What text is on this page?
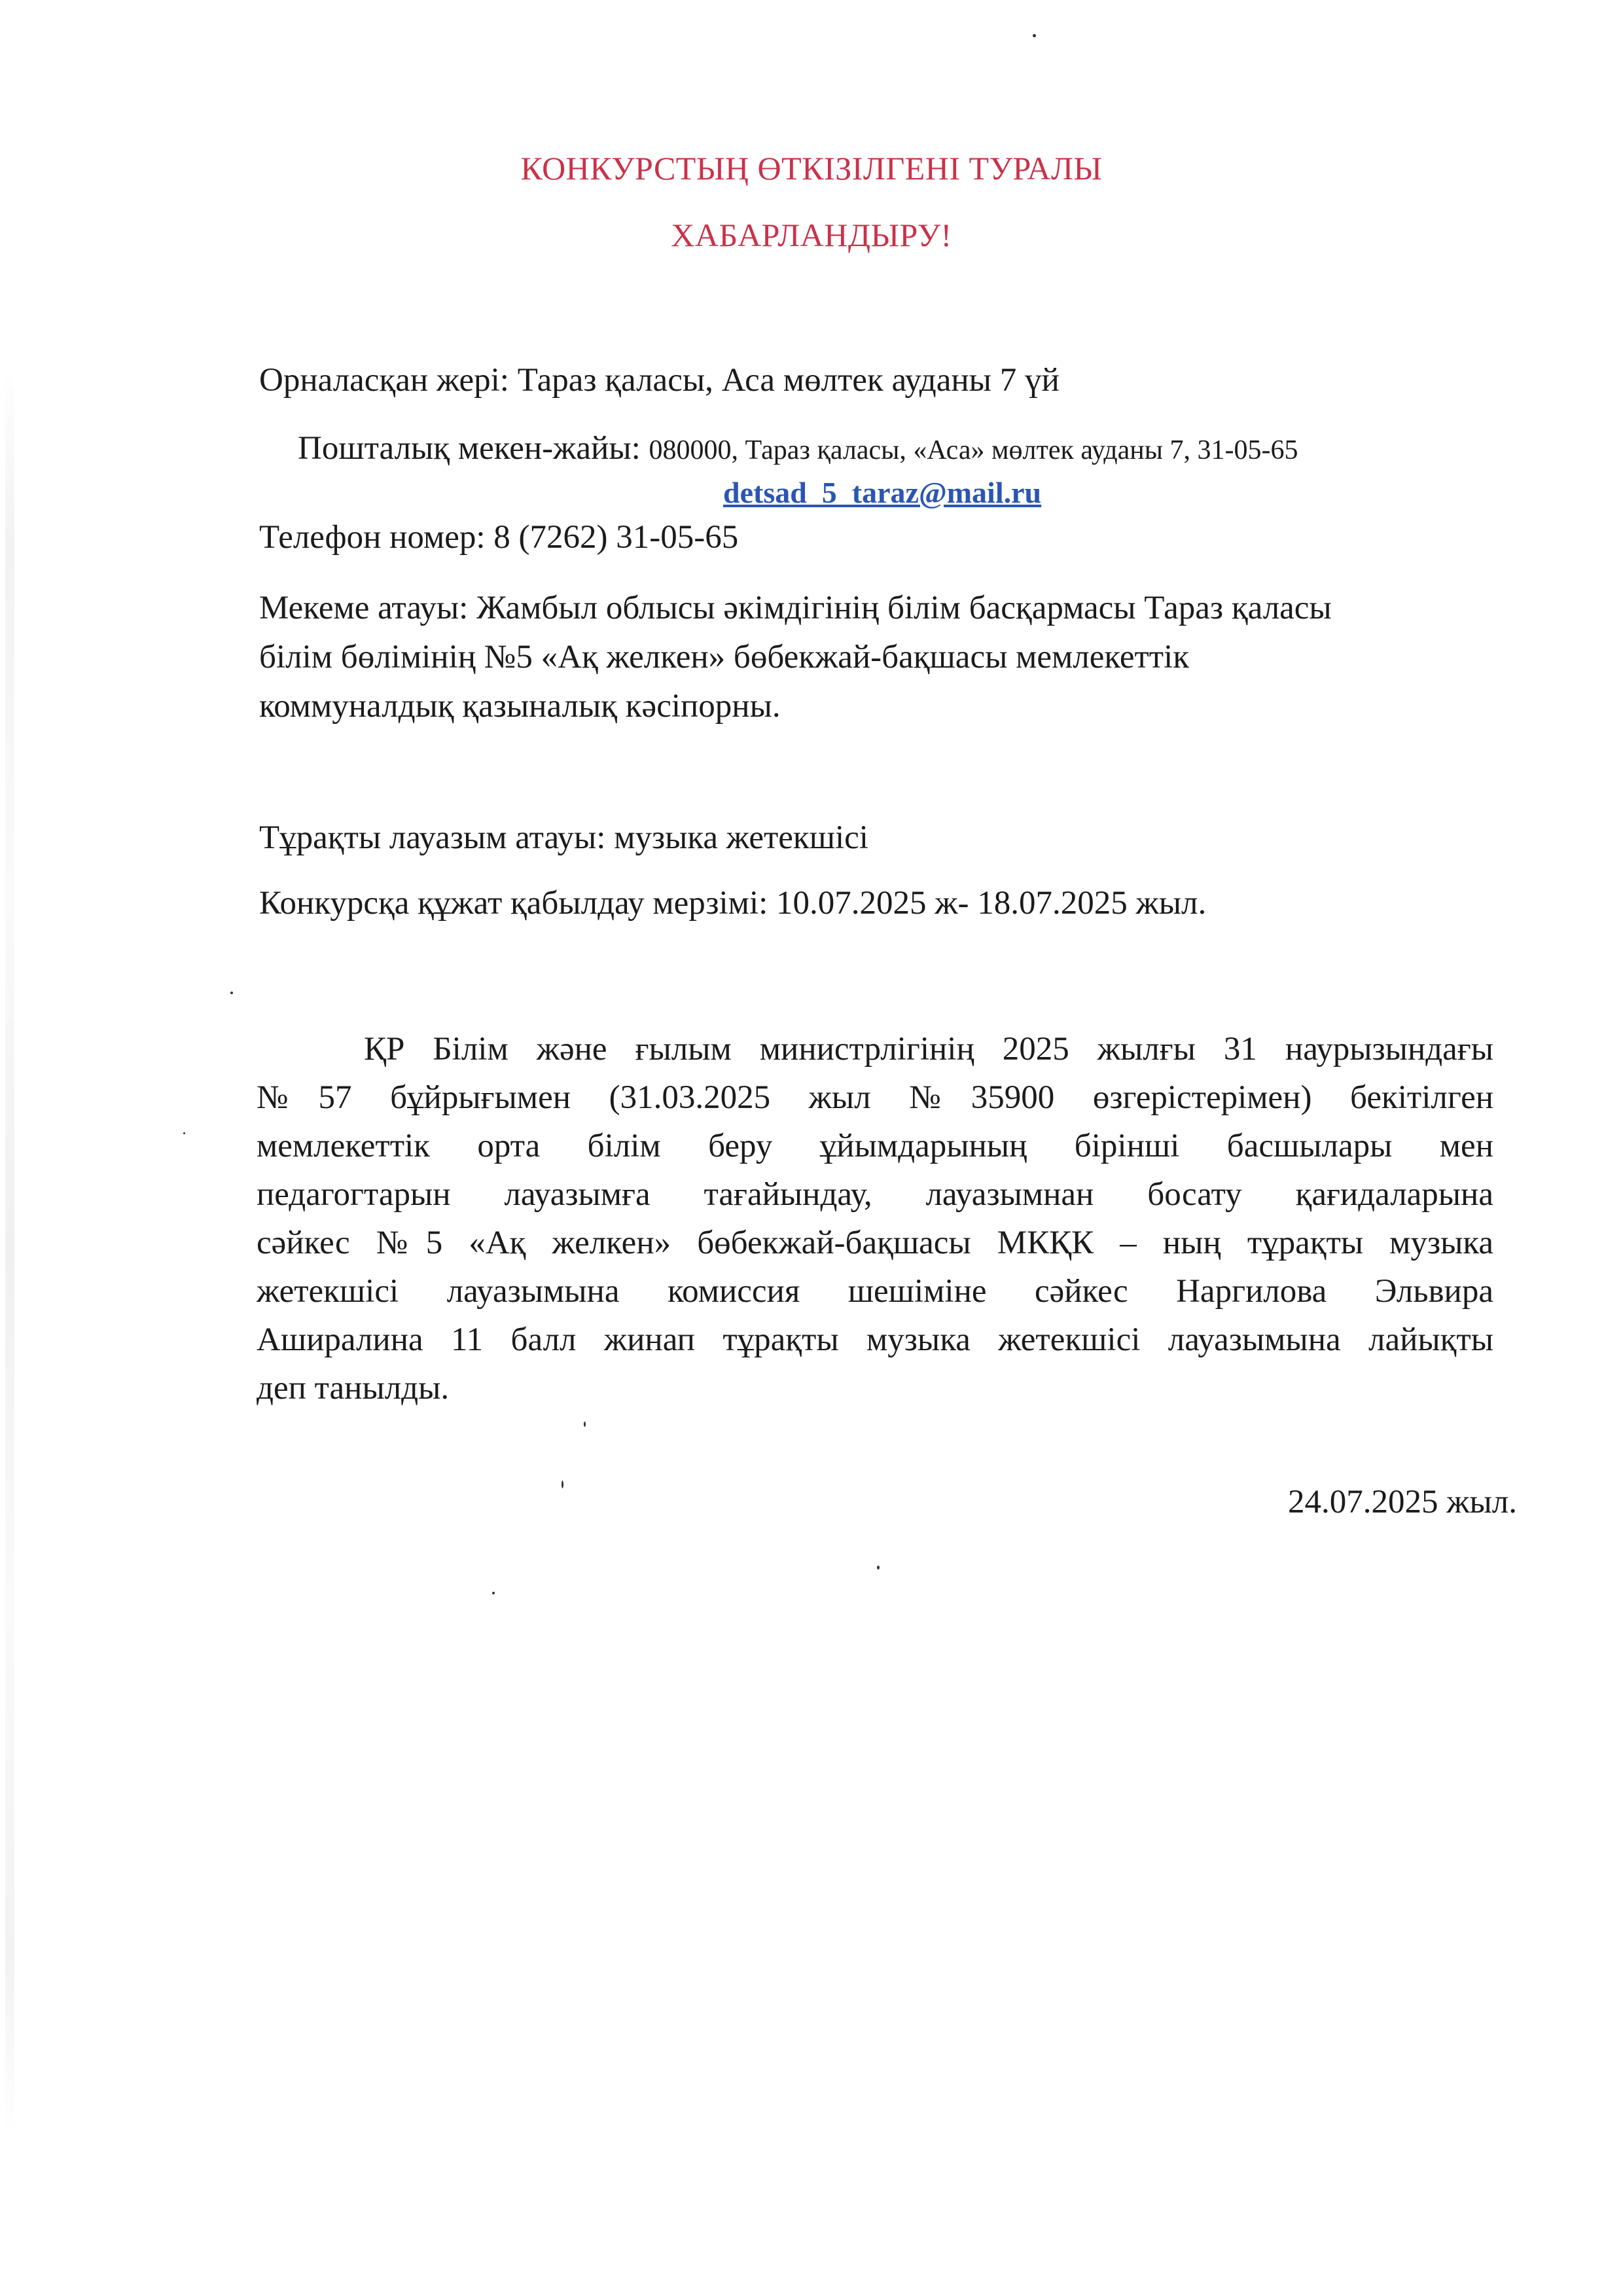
КОНКУРСТЫҢ ӨТКІЗІЛГЕНІ ТУРАЛЫ
ХАБАРЛАНДЫРУ!
Орналасқан жері: Тараз қаласы, Аса мөлтек ауданы 7 үй
Пошталық мекен-жайы: 080000, Тараз қаласы, «Аса» мөлтек ауданы 7, 31-05-65
detsad_5_taraz@mail.ru
Телефон номер: 8 (7262) 31-05-65
Мекеме атауы: Жамбыл облысы әкімдігінің білім басқармасы Тараз қаласы
білім бөлімінің №5 «Ақ желкен» бөбекжай-бақшасы мемлекеттік
коммуналдық қазыналық кәсіпорны.
Тұрақты лауазым атауы: музыка жетекшісі
Конкурсқа құжат қабылдау мерзімі: 10.07.2025 ж- 18.07.2025 жыл.
ҚР Білім және ғылым министрлігінің 2025 жылғы 31 наурызындағы
№57 бұйрығымен (31.03.2025 жыл №35900 өзгерістерімен) бекітілген
мемлекеттік орта білім беру ұйымдарының бірінші басшылары мен
педагогтарын лауазымға тағайындау, лауазымнан босату қағидаларына
сәйкес №5 «Ақ желкен» бөбекжай-бақшасы МКҚК – ның тұрақты музыка
жетекшісі лауазымына комиссия шешіміне сәйкес Наргилова Эльвира
Аширалина 11 балл жинап тұрақты музыка жетекшісі лауазымына лайықты
деп танылды.
24.07.2025 жыл.
